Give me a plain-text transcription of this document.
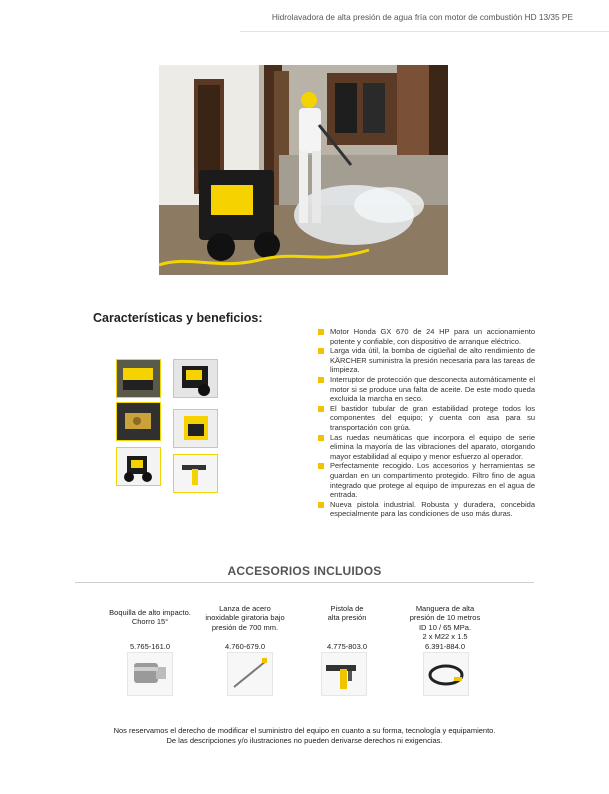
Hidrolavadora de alta presión de agua fría con motor de combustión HD 13/35 PE
Características y beneficios:
Motor Honda GX 670 de 24 HP para un accionamiento potente y confiable, con dispositivo de arranque eléctrico.
Larga vida útil, la bomba de cigüeñal de alto rendimiento de KÄRCHER suministra la presión necesaria para las tareas de limpieza.
Interruptor de protección que desconecta automáticamente el motor si se produce una falta de aceite. De este modo queda excluida la marcha en seco.
El bastidor tubular de gran estabilidad protege todos los componentes del equipo; y cuenta con asa para su transportación con grúa.
Las ruedas neumáticas que incorpora el equipo de serie elimina la mayoría de las vibraciones del aparato, otorgando mayor estabilidad al equipo y menor esfuerzo al operador.
Perfectamente recogido. Los accesorios y herramientas se guardan en un compartimento protegido. Filtro fino de agua integrado que protege al equipo de impurezas en el agua de entrada.
Nueva pistola industrial. Robusta y duradera, concebida especialmente para las condiciones de uso más duras.
ACCESORIOS INCLUIDOS
Boquilla de alto impacto.
Chorro 15°
5.765-161.0
Lanza de acero
inoxidable giratoria bajo
presión de 700 mm.
4.760-679.0
Pistola de
alta presión
4.775-803.0
Manguera de alta
presión de 10 metros
ID 10 / 65 MPa.
2 x M22 x 1.5
6.391-884.0
Nos reservamos el derecho de modificar el suministro del equipo en cuanto a su forma, tecnología y equipamiento.
De las descripciones y/o ilustraciones no pueden derivarse derechos ni exigencias.
